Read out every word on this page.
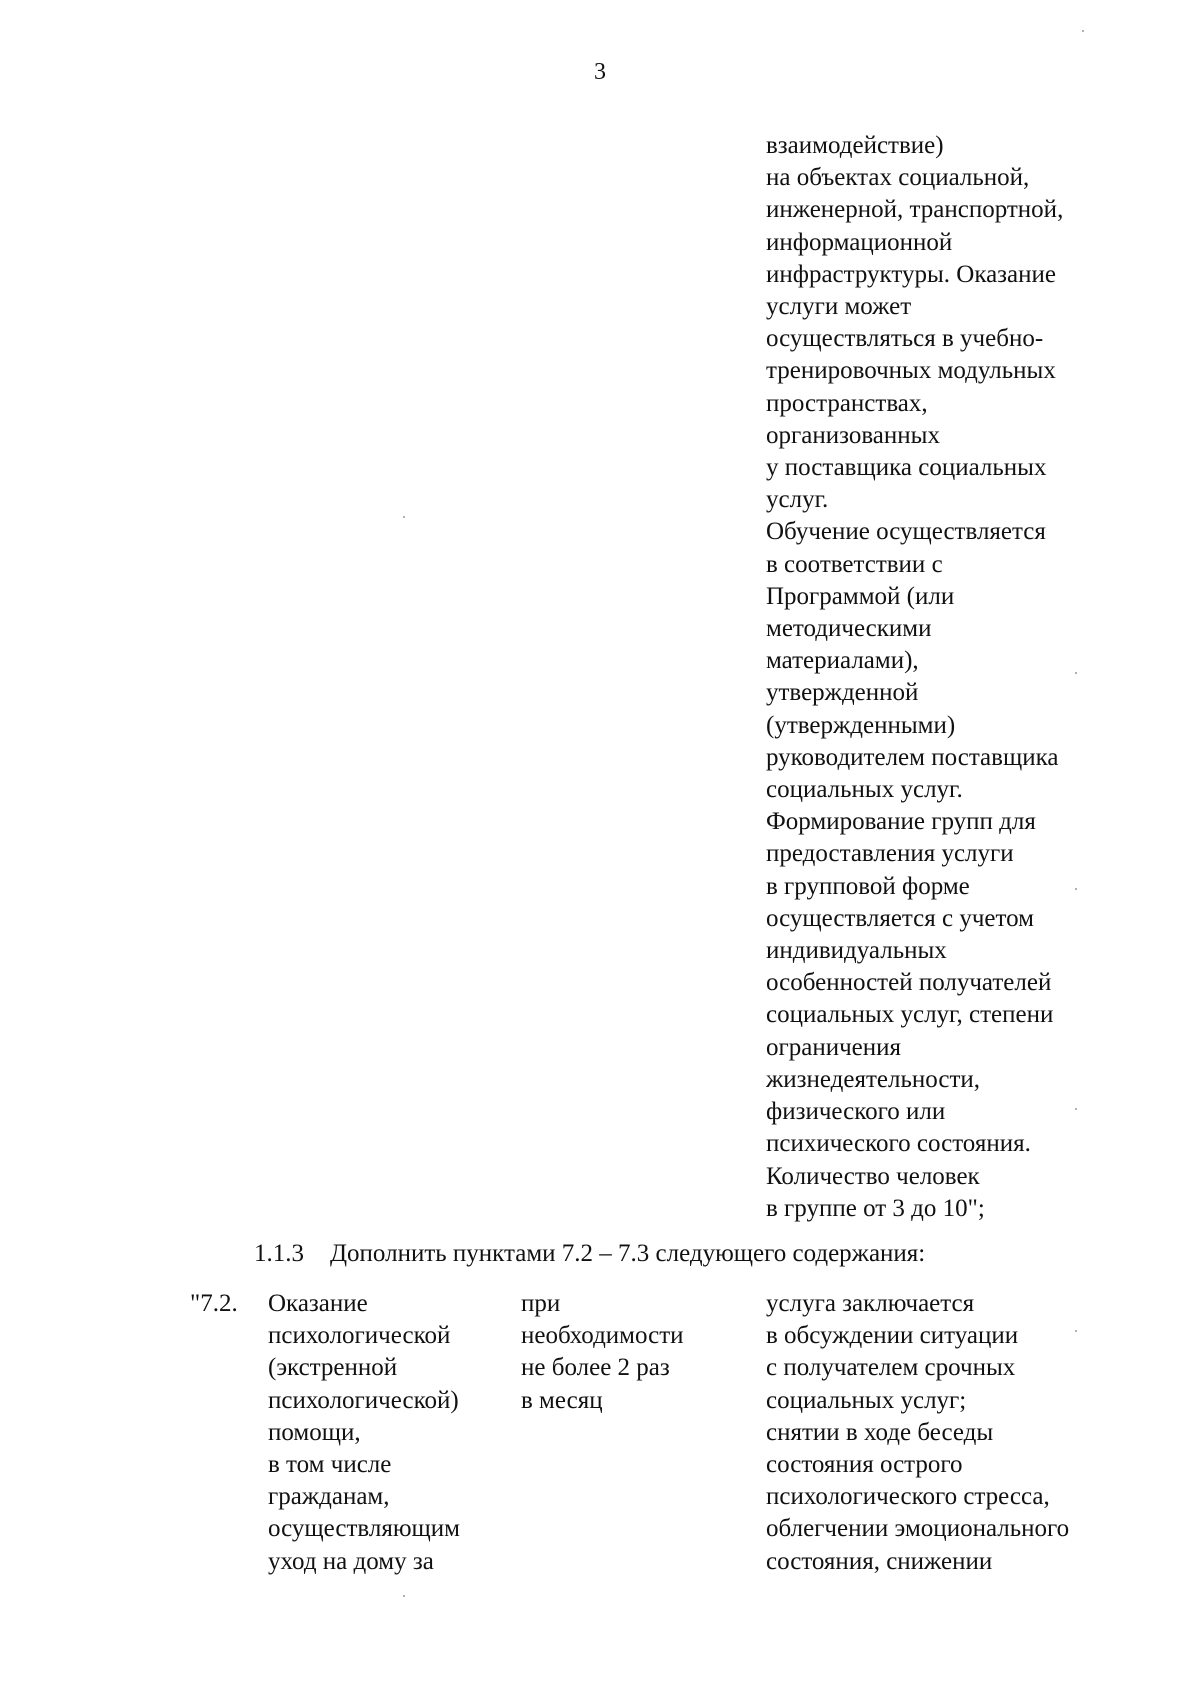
3
взаимодействие)
на объектах социальной,
инженерной, транспортной,
информационной
инфраструктуры. Оказание
услуги может
осуществляться в учебно-
тренировочных модульных
пространствах,
организованных
у поставщика социальных
услуг.
Обучение осуществляется
в соответствии с
Программой (или
методическими
материалами),
утвержденной
(утвержденными)
руководителем поставщика
социальных услуг.
Формирование групп для
предоставления услуги
в групповой форме
осуществляется с учетом
индивидуальных
особенностей получателей
социальных услуг, степени
ограничения
жизнедеятельности,
физического или
психического состояния.
Количество человек
в группе от 3 до 10";
1.1.3 Дополнить пунктами 7.2 – 7.3 следующего содержания:
"7.2.	Оказание
психологической
(экстренной
психологической)
помощи,
в том числе
гражданам,
осуществляющим
уход на дому за
при
необходимости
не более 2 раз
в месяц
услуга заключается
в обсуждении ситуации
с получателем срочных
социальных услуг;
снятии в ходе беседы
состояния острого
психологического стресса,
облегчении эмоционального
состояния, снижении
